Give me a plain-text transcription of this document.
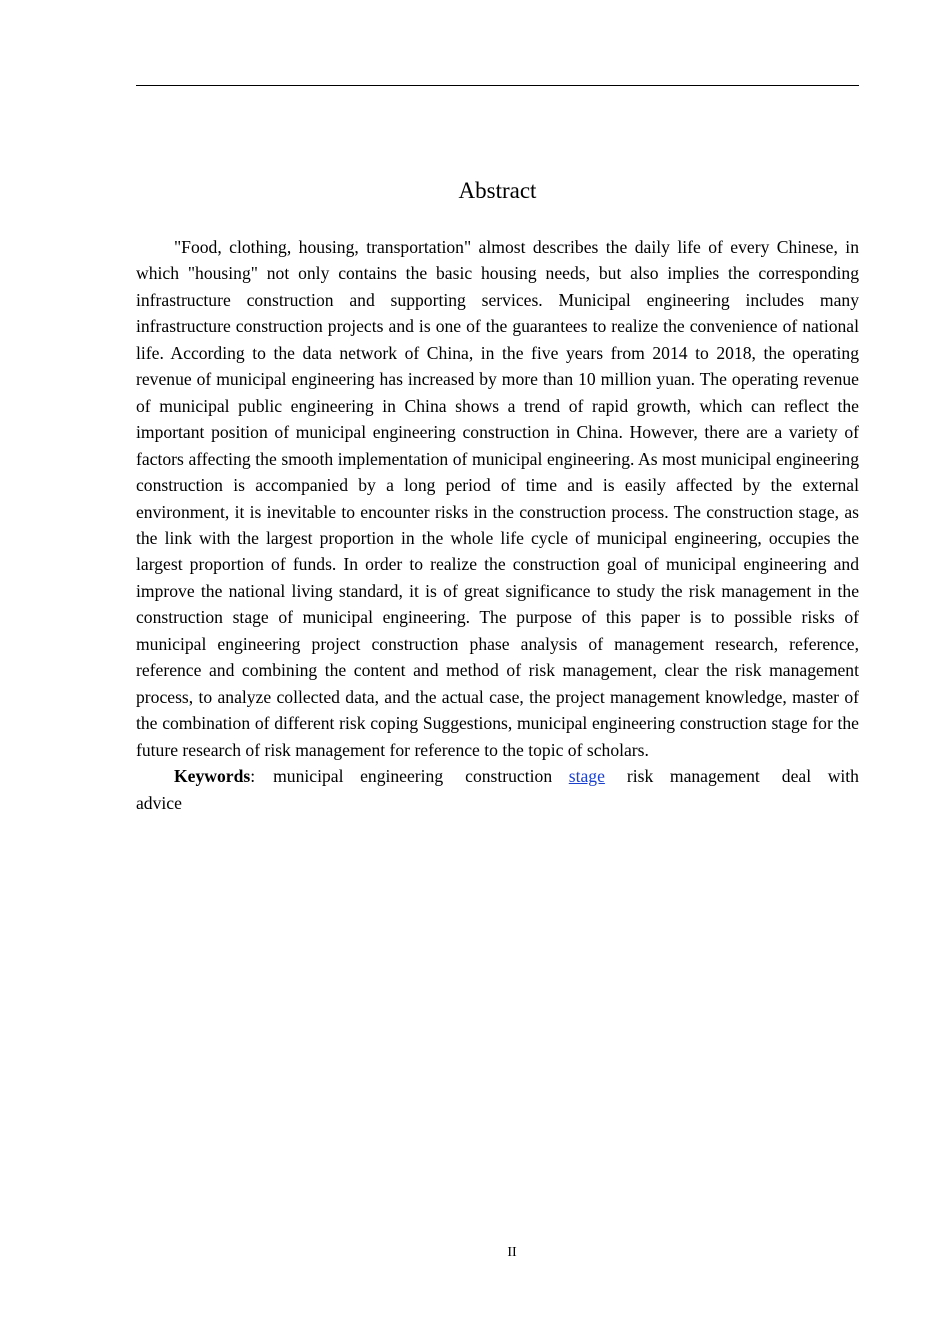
Abstract

"Food, clothing, housing, transportation" almost describes the daily life of every Chinese, in which "housing" not only contains the basic housing needs, but also implies the corresponding infrastructure construction and supporting services. Municipal engineering includes many infrastructure construction projects and is one of the guarantees to realize the convenience of national life. According to the data network of China, in the five years from 2014 to 2018, the operating revenue of municipal engineering has increased by more than 10 million yuan. The operating revenue of municipal public engineering in China shows a trend of rapid growth, which can reflect the important position of municipal engineering construction in China. However, there are a variety of factors affecting the smooth implementation of municipal engineering. As most municipal engineering construction is accompanied by a long period of time and is easily affected by the external environment, it is inevitable to encounter risks in the construction process. The construction stage, as the link with the largest proportion in the whole life cycle of municipal engineering, occupies the largest proportion of funds. In order to realize the construction goal of municipal engineering and improve the national living standard, it is of great significance to study the risk management in the construction stage of municipal engineering. The purpose of this paper is to possible risks of municipal engineering project construction phase analysis of management research, reference, reference and combining the content and method of risk management, clear the risk management process, to analyze collected data, and the actual case, the project management knowledge, master of the combination of different risk coping Suggestions, municipal engineering construction stage for the future research of risk management for reference to the topic of scholars.

Keywords: municipal engineering construction stage risk management deal with advice

II
